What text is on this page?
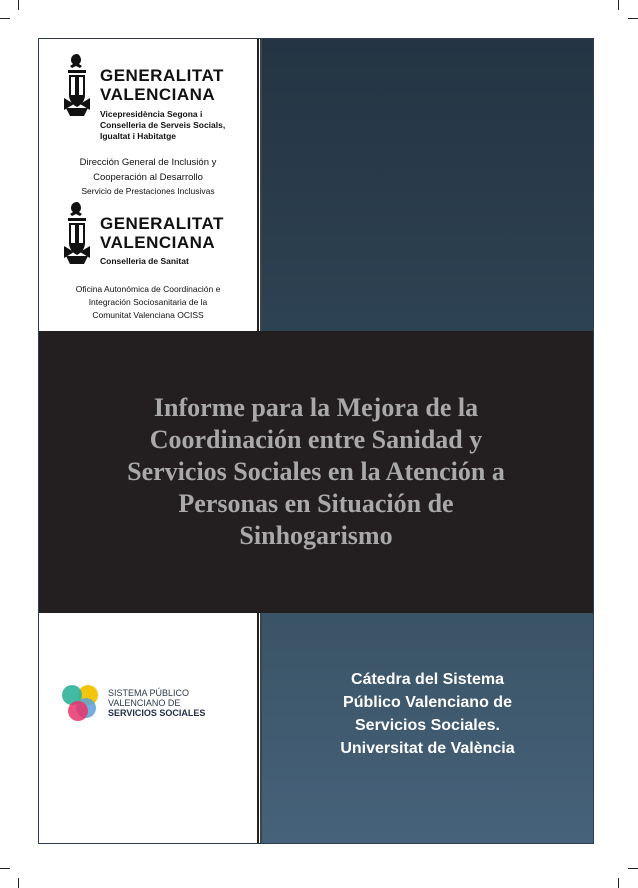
GENERALITAT
VALENCIANA
Vicepresidència Segona i
Conselleria de Serveis Socials,
Igualtat i Habitatge
Dirección General de Inclusión y
Cooperación al Desarrollo
Servicio de Prestaciones Inclusivas
GENERALITAT
VALENCIANA
Conselleria de Sanitat
Oficina Autonómica de Coordinación e
Integración Sociosanitaria de la
Comunitat Valenciana OCISS
Informe para la Mejora de la
Coordinación entre Sanidad y
Servicios Sociales en la Atención a
Personas en Situación de
Sinhogarismo
SISTEMA PÚBLICO
VALENCIANO DE
SERVICIOS SOCIALES
Cátedra del Sistema
Público Valenciano de
Servicios Sociales.
Universitat de València
